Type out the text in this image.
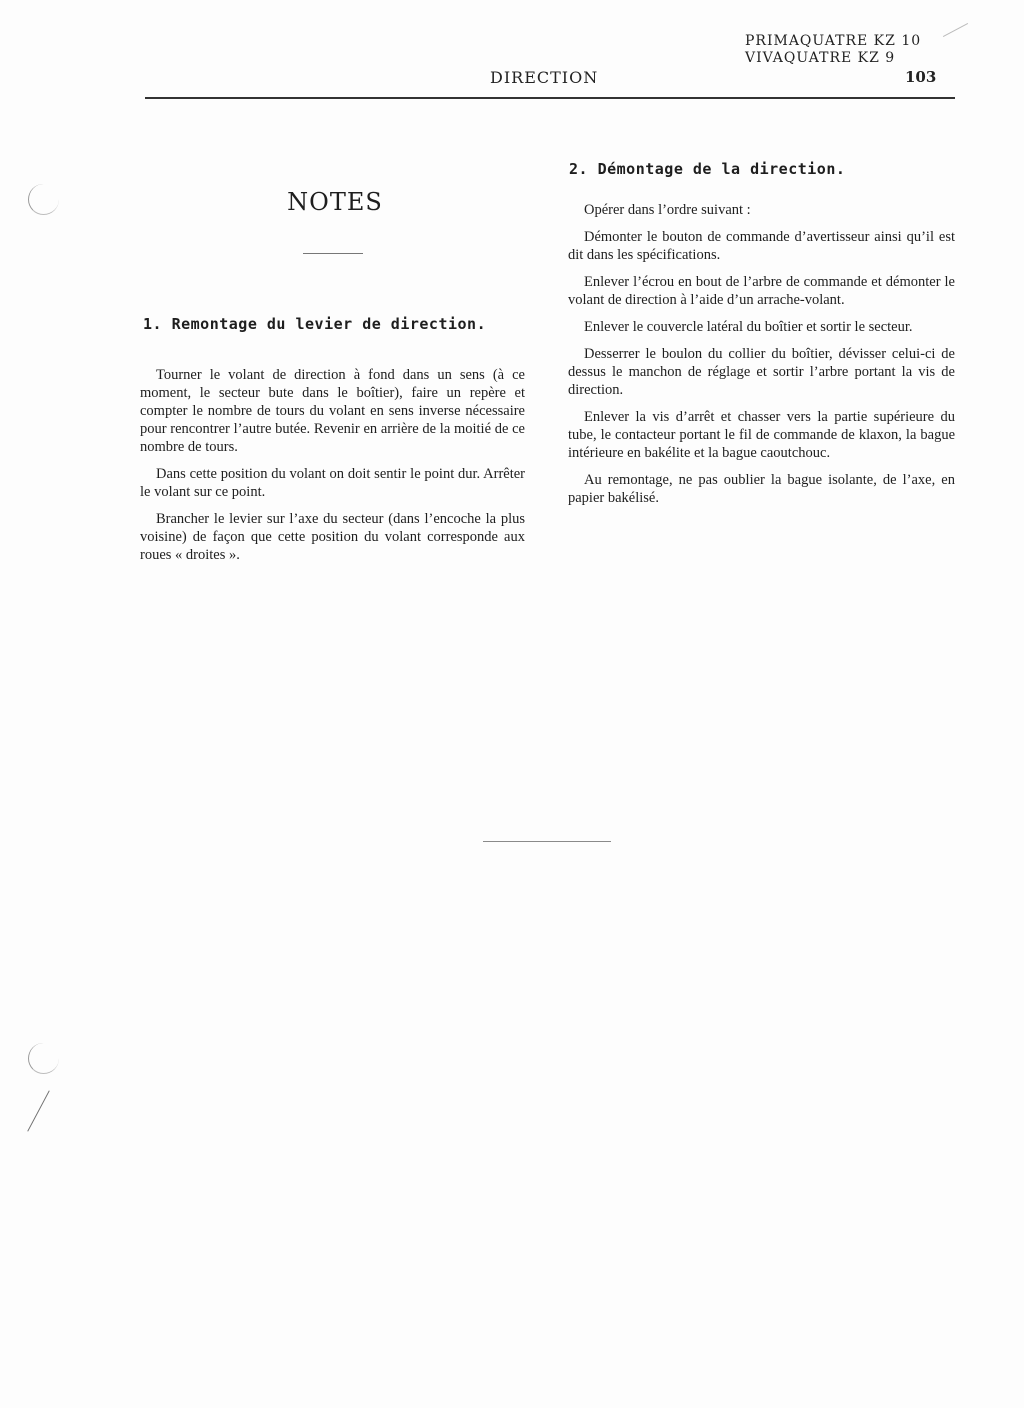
PRIMAQUATRE KZ 10
VIVAQUATRE KZ 9
DIRECTION	103
NOTES
1. Remontage du levier de direction.

Tourner le volant de direction à fond dans un sens (à ce moment, le secteur bute dans le boîtier), faire un repère et compter le nombre de tours du volant en sens inverse nécessaire pour rencontrer l’autre butée. Revenir en arrière de la moitié de ce nombre de tours.

Dans cette position du volant on doit sentir le point dur. Arrêter le volant sur ce point.

Brancher le levier sur l’axe du secteur (dans l’encoche la plus voisine) de façon que cette position du volant corresponde aux roues « droites ».

2. Démontage de la direction.

Opérer dans l’ordre suivant :

Démonter le bouton de commande d’avertisseur ainsi qu’il est dit dans les spécifications.

Enlever l’écrou en bout de l’arbre de commande et démonter le volant de direction à l’aide d’un arrache-volant.

Enlever le couvercle latéral du boîtier et sortir le secteur.

Desserrer le boulon du collier du boîtier, dévisser celui-ci de dessus le manchon de réglage et sortir l’arbre portant la vis de direction.

Enlever la vis d’arrêt et chasser vers la partie supérieure du tube, le contacteur portant le fil de commande de klaxon, la bague intérieure en bakélite et la bague caoutchouc.

Au remontage, ne pas oublier la bague isolante, de l’axe, en papier bakélisé.
